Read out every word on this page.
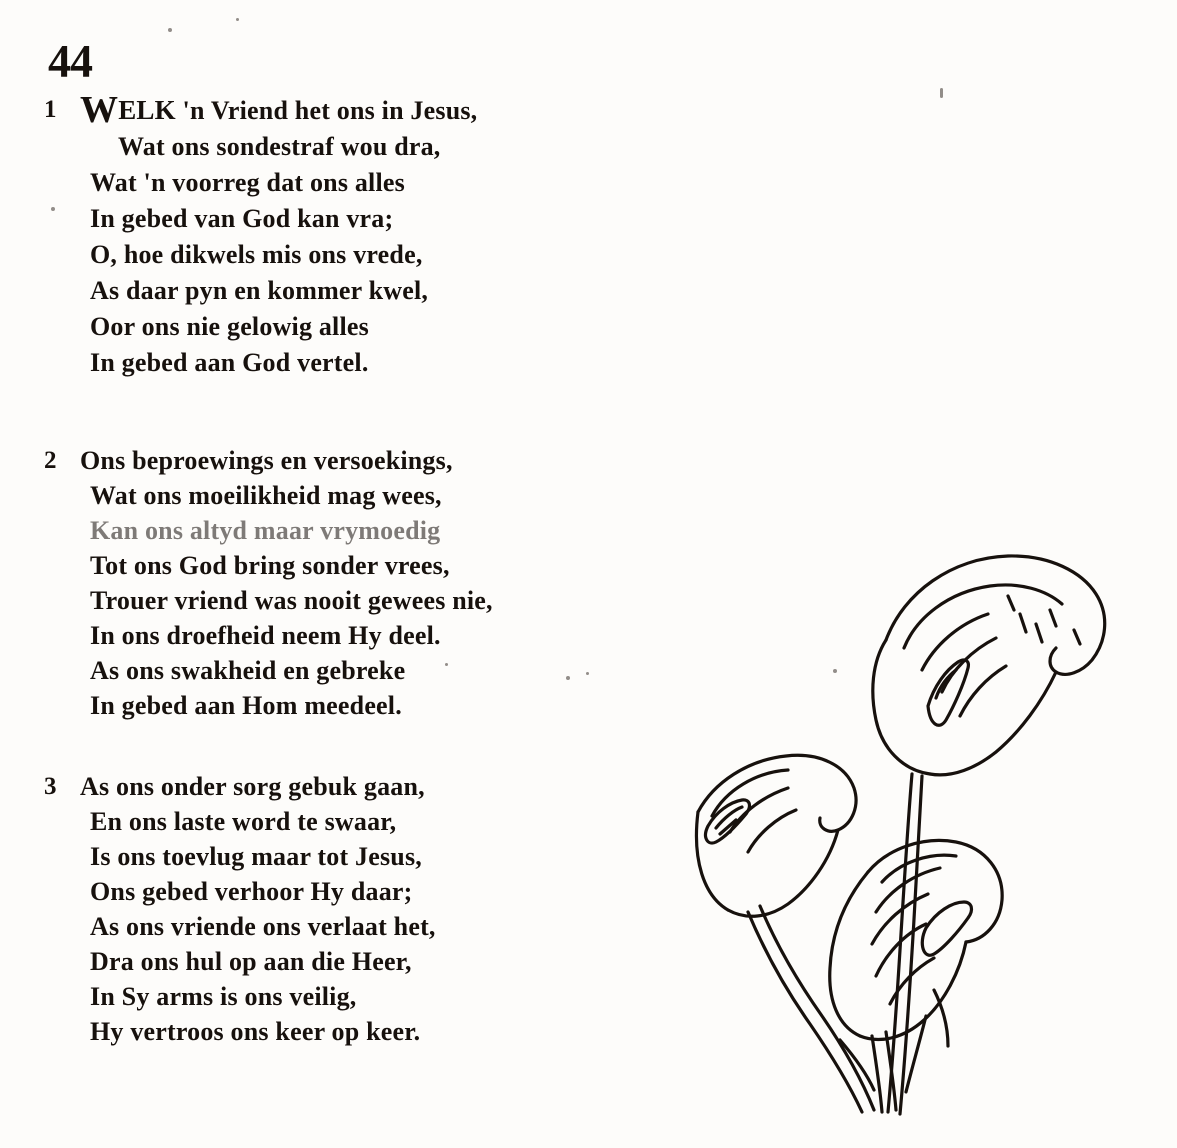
44
1 WELK 'n Vriend het ons in Jesus,
Wat ons sondestraf wou dra,
Wat 'n voorreg dat ons alles
In gebed van God kan vra;
O, hoe dikwels mis ons vrede,
As daar pyn en kommer kwel,
Oor ons nie gelowig alles
In gebed aan God vertel.
2 Ons beproewings en versoekings,
Wat ons moeilikheid mag wees,
Kan ons altyd maar vrymoedig
Tot ons God bring sonder vrees,
Trouer vriend was nooit gewees nie,
In ons droefheid neem Hy deel.
As ons swakheid en gebreke
In gebed aan Hom meedeel.
3 As ons onder sorg gebuk gaan,
En ons laste word te swaar,
Is ons toevlug maar tot Jesus,
Ons gebed verhoor Hy daar;
As ons vriende ons verlaat het,
Dra ons hul op aan die Heer,
In Sy arms is ons veilig,
Hy vertroos ons keer op keer.
